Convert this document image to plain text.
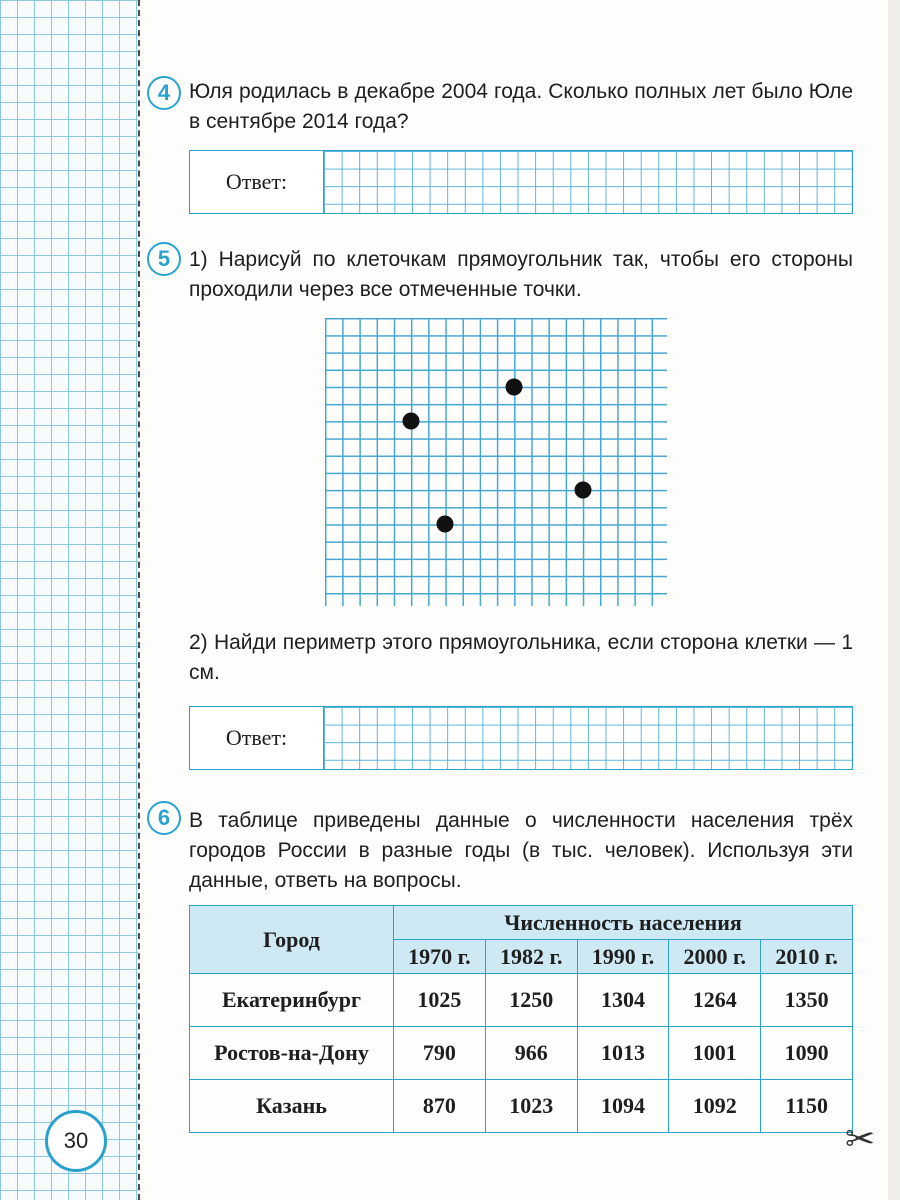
4 Юля родилась в декабре 2004 года. Сколько полных лет было Юле в сентябре 2014 года?
Ответ:
5 1) Нарисуй по клеточкам прямоугольник так, чтобы его стороны проходили через все отмеченные точки.
2) Найди периметр этого прямоугольника, если сторона клетки — 1 см.
Ответ:
6 В таблице приведены данные о численности населения трёх городов России в разные годы (в тыс. человек). Используя эти данные, ответь на вопросы.
Город	Численность населения				
	1970 г.	1982 г.	1990 г.	2000 г.	2010 г.
Екатеринбург	1025	1250	1304	1264	1350
Ростов-на-Дону	790	966	1013	1001	1090
Казань	870	1023	1094	1092	1150
30	✂
